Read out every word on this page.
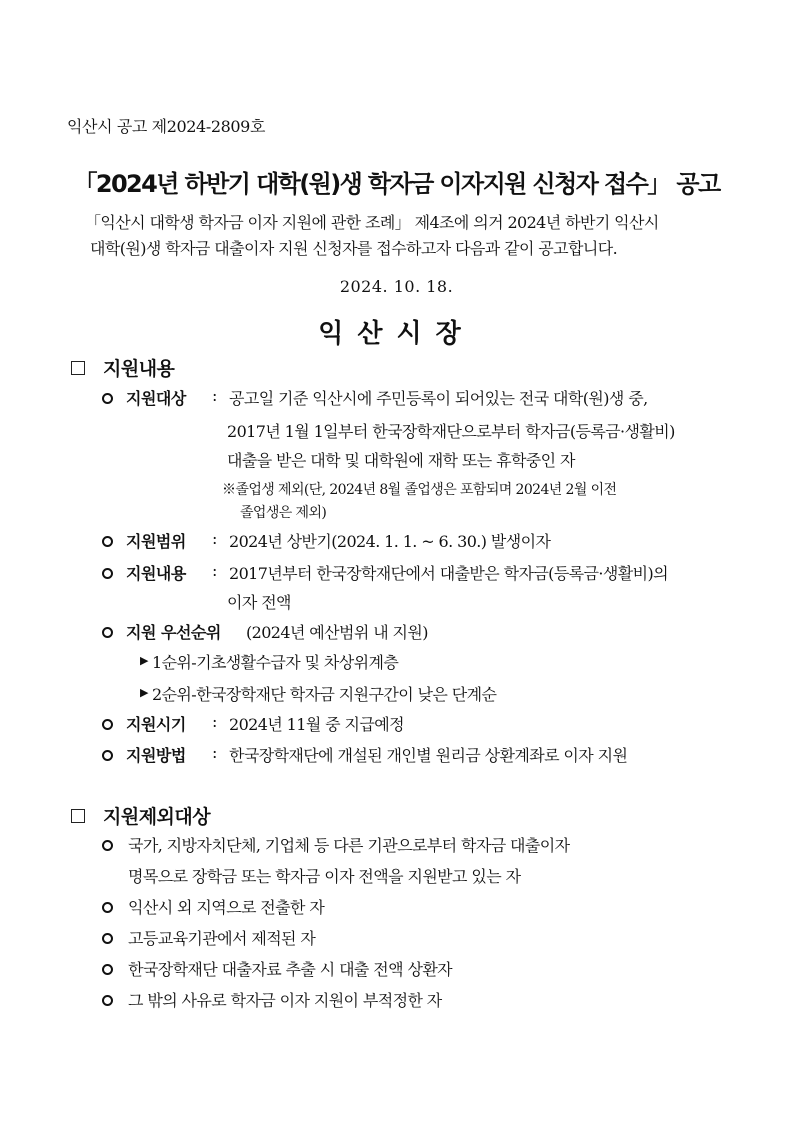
익산시 공고 제2024-2809호
「2024년 하반기 대학(원)생 학자금 이자지원 신청자 접수」 공고
「익산시 대학생 학자금 이자 지원에 관한 조례」 제4조에 의거 2024년 하반기 익산시
대학(원)생 학자금 대출이자 지원 신청자를 접수하고자 다음과 같이 공고합니다.
2024. 10. 18.
익산시장
지원내용
지원대상 : 공고일 기준 익산시에 주민등록이 되어있는 전국 대학(원)생 중,
2017년 1월 1일부터 한국장학재단으로부터 학자금(등록금·생활비)
대출을 받은 대학 및 대학원에 재학 또는 휴학중인 자
※졸업생 제외(단, 2024년 8월 졸업생은 포함되며 2024년 2월 이전
졸업생은 제외)
지원범위 : 2024년 상반기(2024. 1. 1. ~ 6. 30.) 발생이자
지원내용 : 2017년부터 한국장학재단에서 대출받은 학자금(등록금·생활비)의
이자 전액
지원 우선순위 (2024년 예산범위 내 지원)
▶ 1순위-기초생활수급자 및 차상위계층
▶ 2순위-한국장학재단 학자금 지원구간이 낮은 단계순
지원시기 : 2024년 11월 중 지급예정
지원방법 : 한국장학재단에 개설된 개인별 원리금 상환계좌로 이자 지원
지원제외대상
국가, 지방자치단체, 기업체 등 다른 기관으로부터 학자금 대출이자
명목으로 장학금 또는 학자금 이자 전액을 지원받고 있는 자
익산시 외 지역으로 전출한 자
고등교육기관에서 제적된 자
한국장학재단 대출자료 추출 시 대출 전액 상환자
그 밖의 사유로 학자금 이자 지원이 부적정한 자
